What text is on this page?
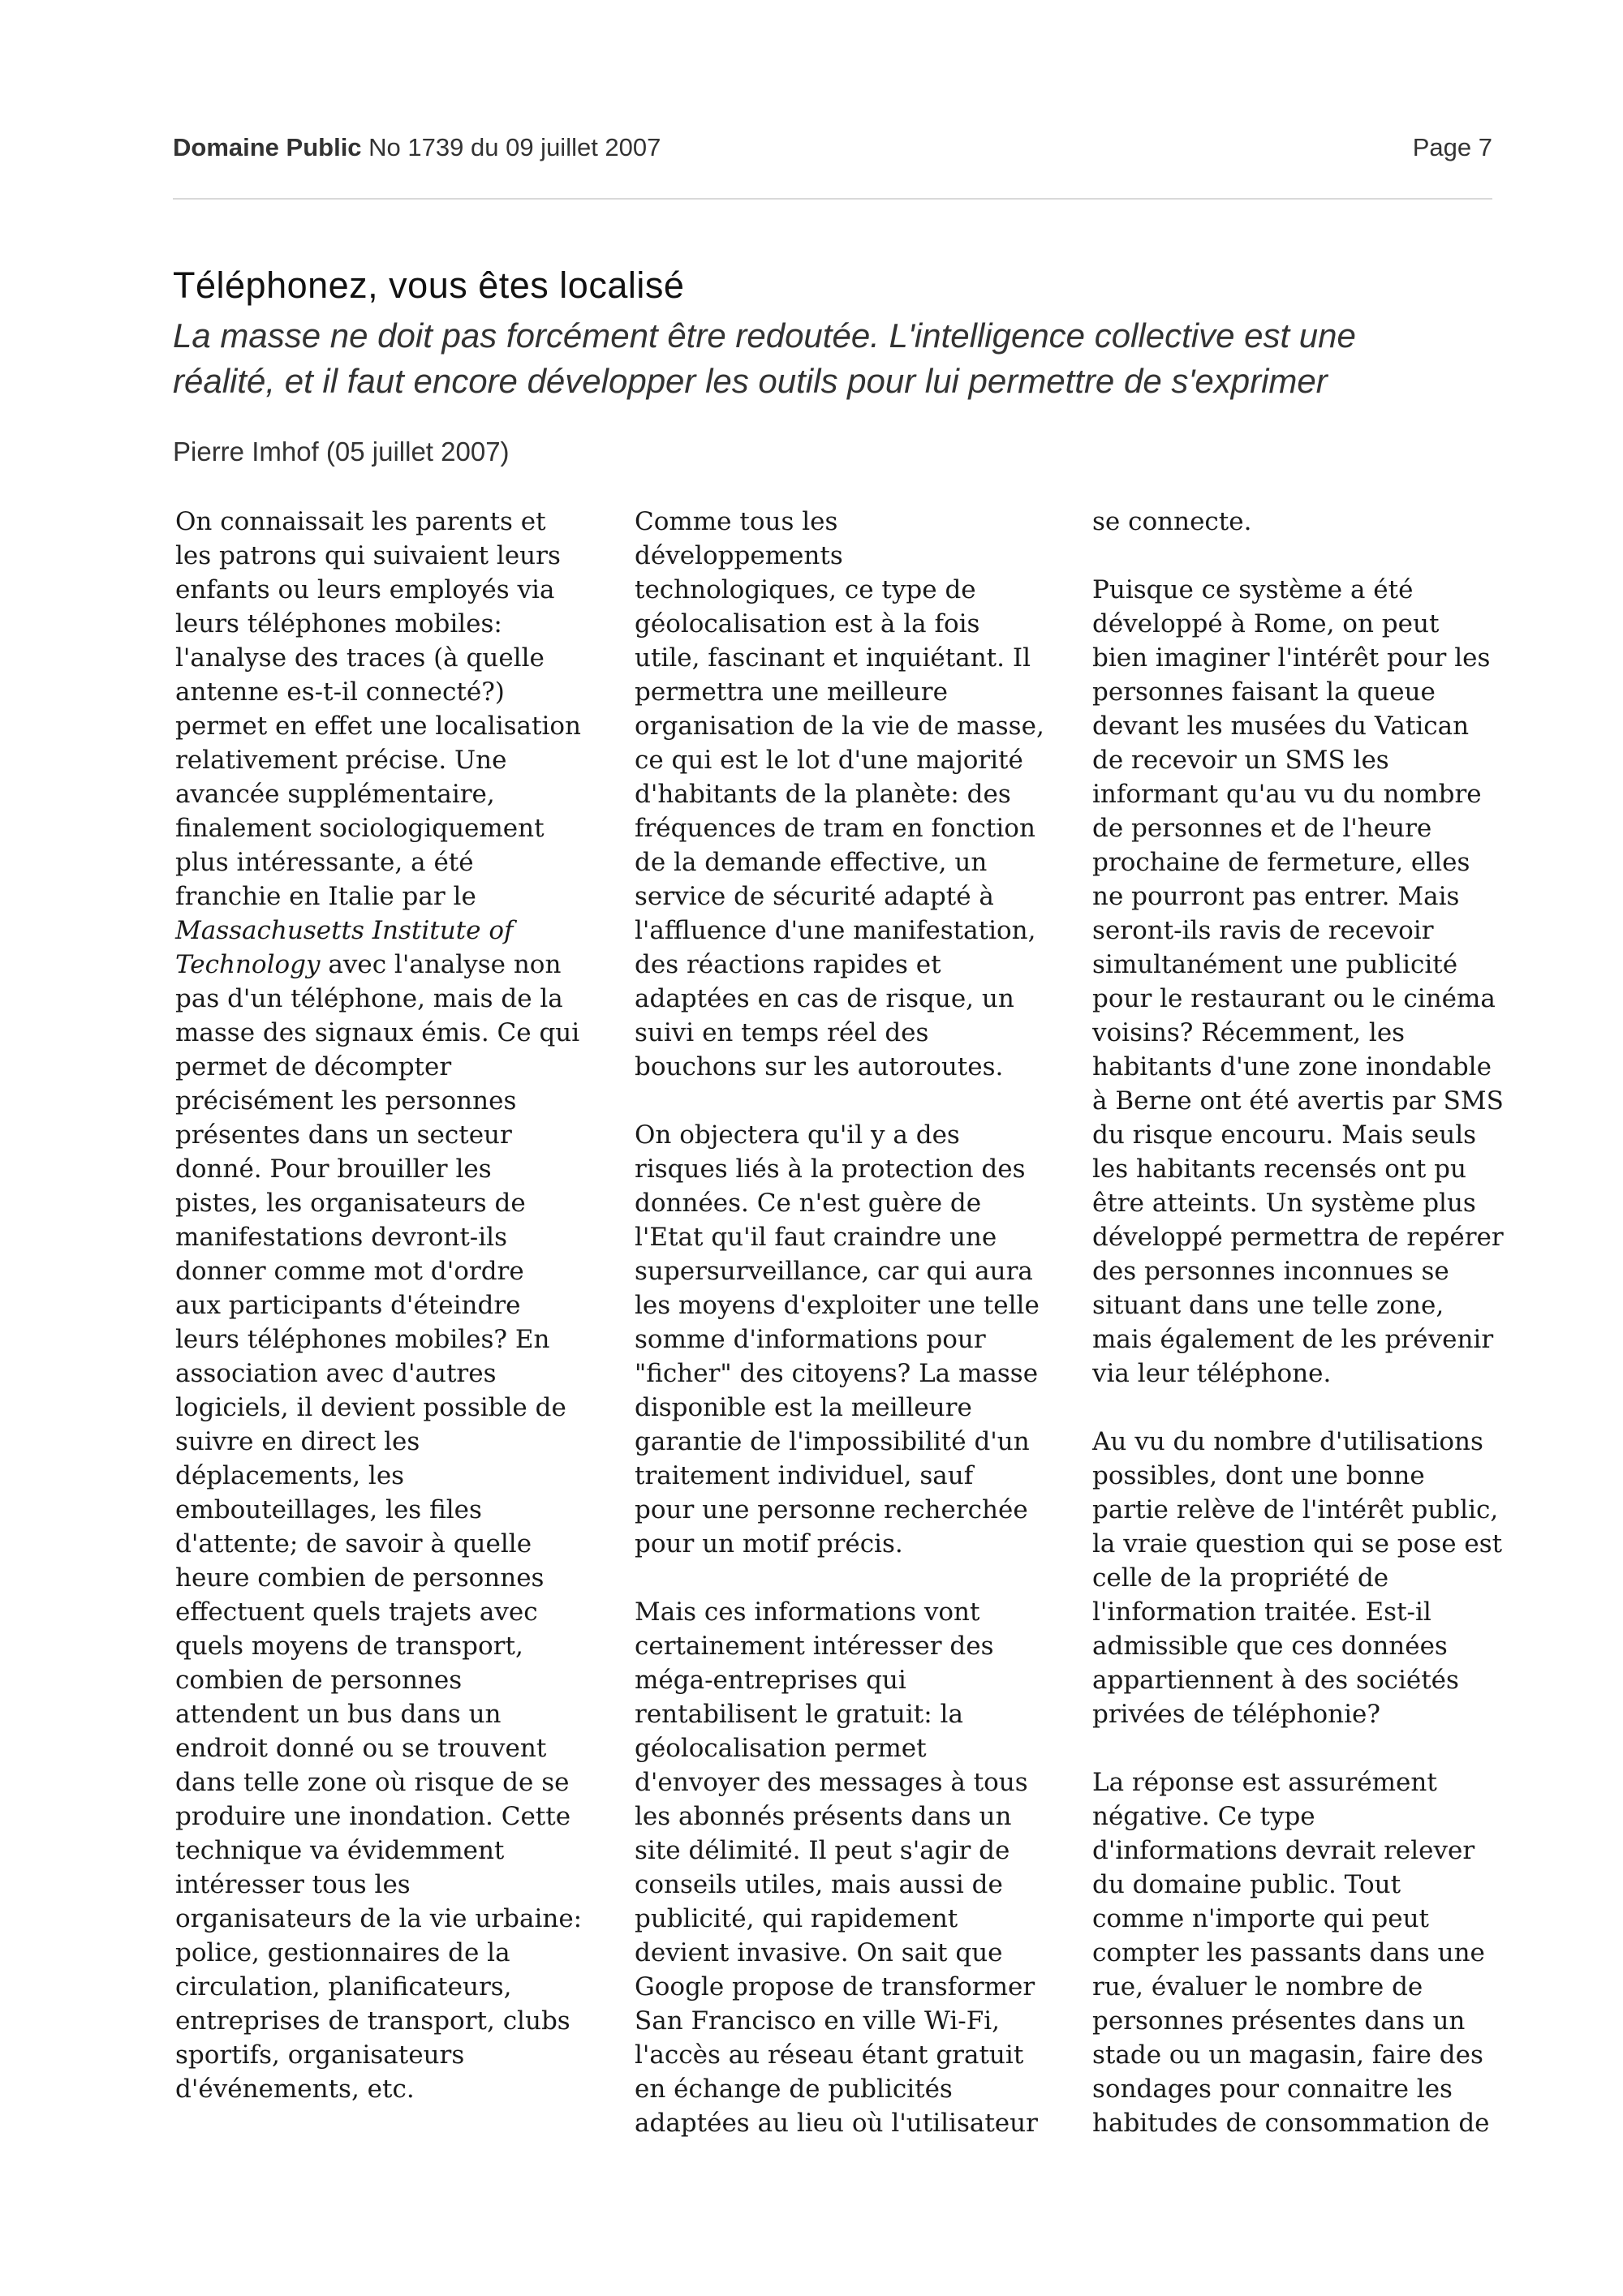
Domaine Public No 1739 du 09 juillet 2007	Page 7
Téléphonez, vous êtes localisé
La masse ne doit pas forcément être redoutée. L'intelligence collective est une
réalité, et il faut encore développer les outils pour lui permettre de s'exprimer
Pierre Imhof (05 juillet 2007)

On connaissait les parents et
les patrons qui suivaient leurs
enfants ou leurs employés via
leurs téléphones mobiles:
l'analyse des traces (à quelle
antenne es-t-il connecté?)
permet en effet une localisation
relativement précise. Une
avancée supplémentaire,
finalement sociologiquement
plus intéressante, a été
franchie en Italie par le
Massachusetts Institute of
Technology avec l'analyse non
pas d'un téléphone, mais de la
masse des signaux émis. Ce qui
permet de décompter
précisément les personnes
présentes dans un secteur
donné. Pour brouiller les
pistes, les organisateurs de
manifestations devront-ils
donner comme mot d'ordre
aux participants d'éteindre
leurs téléphones mobiles? En
association avec d'autres
logiciels, il devient possible de
suivre en direct les
déplacements, les
embouteillages, les files
d'attente; de savoir à quelle
heure combien de personnes
effectuent quels trajets avec
quels moyens de transport,
combien de personnes
attendent un bus dans un
endroit donné ou se trouvent
dans telle zone où risque de se
produire une inondation. Cette
technique va évidemment
intéresser tous les
organisateurs de la vie urbaine:
police, gestionnaires de la
circulation, planificateurs,
entreprises de transport, clubs
sportifs, organisateurs
d'événements, etc.

Comme tous les
développements
technologiques, ce type de
géolocalisation est à la fois
utile, fascinant et inquiétant. Il
permettra une meilleure
organisation de la vie de masse,
ce qui est le lot d'une majorité
d'habitants de la planète: des
fréquences de tram en fonction
de la demande effective, un
service de sécurité adapté à
l'affluence d'une manifestation,
des réactions rapides et
adaptées en cas de risque, un
suivi en temps réel des
bouchons sur les autoroutes.

On objectera qu'il y a des
risques liés à la protection des
données. Ce n'est guère de
l'Etat qu'il faut craindre une
supersurveillance, car qui aura
les moyens d'exploiter une telle
somme d'informations pour
"ficher" des citoyens? La masse
disponible est la meilleure
garantie de l'impossibilité d'un
traitement individuel, sauf
pour une personne recherchée
pour un motif précis.

Mais ces informations vont
certainement intéresser des
méga-entreprises qui
rentabilisent le gratuit: la
géolocalisation permet
d'envoyer des messages à tous
les abonnés présents dans un
site délimité. Il peut s'agir de
conseils utiles, mais aussi de
publicité, qui rapidement
devient invasive. On sait que
Google propose de transformer
San Francisco en ville Wi-Fi,
l'accès au réseau étant gratuit
en échange de publicités
adaptées au lieu où l'utilisateur

se connecte.

Puisque ce système a été
développé à Rome, on peut
bien imaginer l'intérêt pour les
personnes faisant la queue
devant les musées du Vatican
de recevoir un SMS les
informant qu'au vu du nombre
de personnes et de l'heure
prochaine de fermeture, elles
ne pourront pas entrer. Mais
seront-ils ravis de recevoir
simultanément une publicité
pour le restaurant ou le cinéma
voisins? Récemment, les
habitants d'une zone inondable
à Berne ont été avertis par SMS
du risque encouru. Mais seuls
les habitants recensés ont pu
être atteints. Un système plus
développé permettra de repérer
des personnes inconnues se
situant dans une telle zone,
mais également de les prévenir
via leur téléphone.

Au vu du nombre d'utilisations
possibles, dont une bonne
partie relève de l'intérêt public,
la vraie question qui se pose est
celle de la propriété de
l'information traitée. Est-il
admissible que ces données
appartiennent à des sociétés
privées de téléphonie?

La réponse est assurément
négative. Ce type
d'informations devrait relever
du domaine public. Tout
comme n'importe qui peut
compter les passants dans une
rue, évaluer le nombre de
personnes présentes dans un
stade ou un magasin, faire des
sondages pour connaitre les
habitudes de consommation de
